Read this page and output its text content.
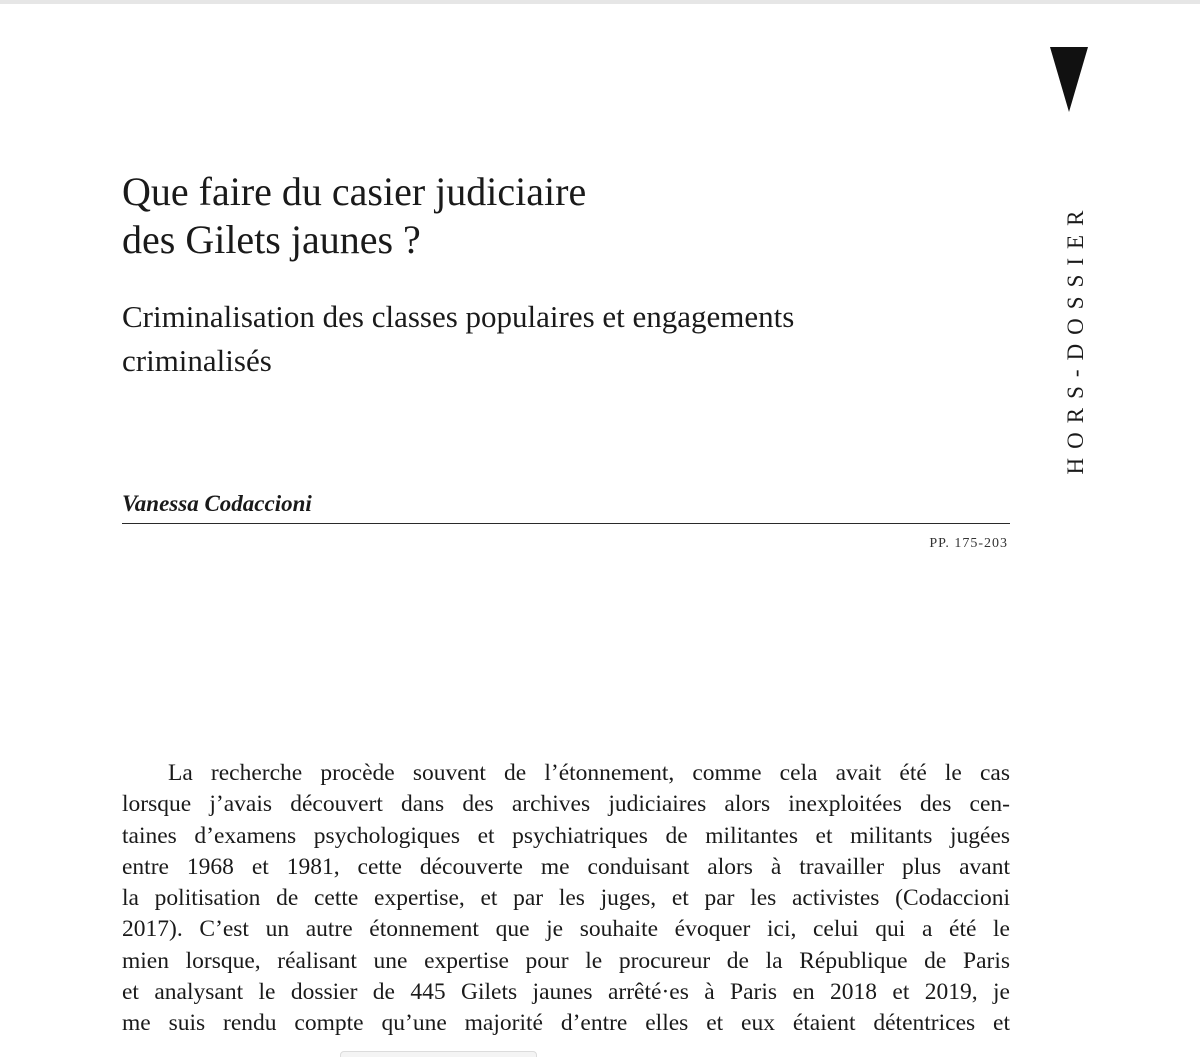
HORS-DOSSIER
Que faire du casier judiciaire
des Gilets jaunes ?
Criminalisation des classes populaires et engagements
criminalisés
Vanessa Codaccioni
PP. 175-203
La recherche procède souvent de l’étonnement, comme cela avait été le cas
lorsque j’avais découvert dans des archives judiciaires alors inexploitées des cen-
taines d’examens psychologiques et psychiatriques de militantes et militants jugées
entre 1968 et 1981, cette découverte me conduisant alors à travailler plus avant
la politisation de cette expertise, et par les juges, et par les activistes (Codaccioni
2017). C’est un autre étonnement que je souhaite évoquer ici, celui qui a été le
mien lorsque, réalisant une expertise pour le procureur de la République de Paris
et analysant le dossier de 445 Gilets jaunes arrêté·es à Paris en 2018 et 2019, je
me suis rendu compte qu’une majorité d’entre elles et eux étaient détentrices et
